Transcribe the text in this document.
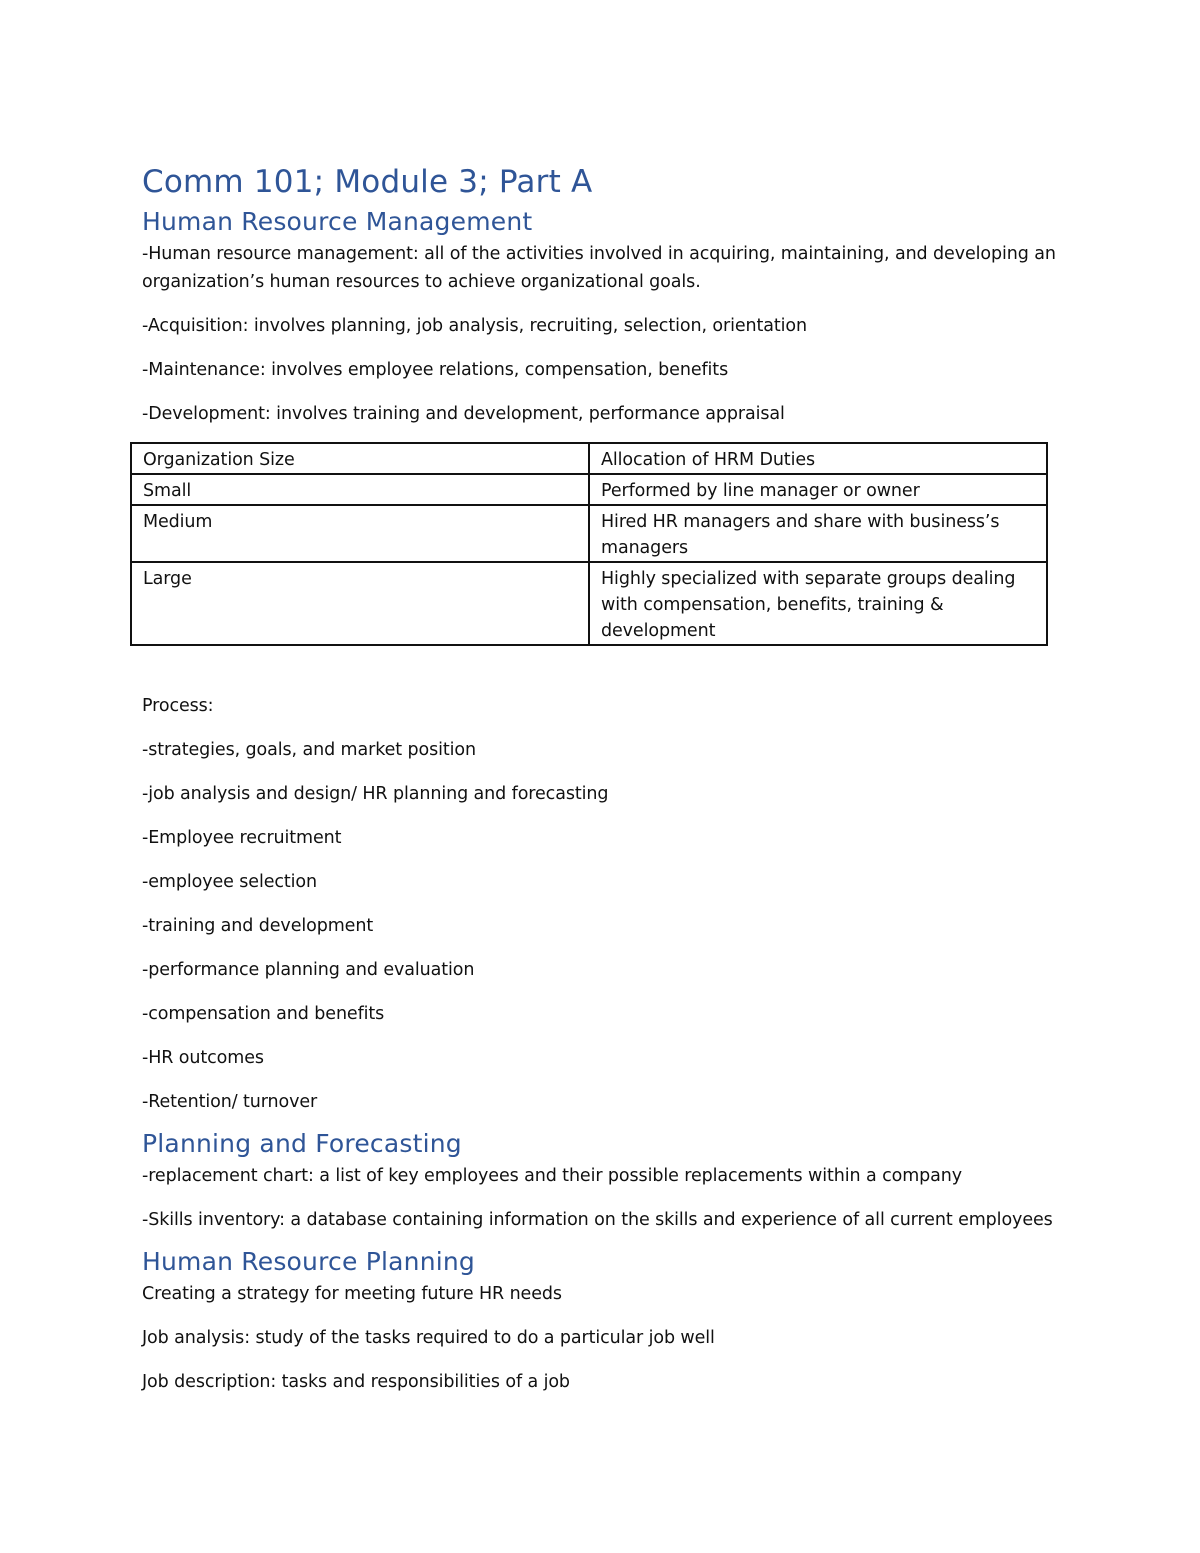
Comm 101; Module 3; Part A
Human Resource Management

-Human resource management: all of the activities involved in acquiring, maintaining, and developing an organization’s human resources to achieve organizational goals.

-Acquisition: involves planning, job analysis, recruiting, selection, orientation

-Maintenance: involves employee relations, compensation, benefits

-Development: involves training and development, performance appraisal

Organization Size	Allocation of HRM Duties
Small	Performed by line manager or owner
Medium	Hired HR managers and share with business’s managers
Large	Highly specialized with separate groups dealing with compensation, benefits, training & development

Process:

-strategies, goals, and market position

-job analysis and design/ HR planning and forecasting

-Employee recruitment

-employee selection

-training and development

-performance planning and evaluation

-compensation and benefits

-HR outcomes

-Retention/ turnover

Planning and Forecasting

-replacement chart: a list of key employees and their possible replacements within a company

-Skills inventory: a database containing information on the skills and experience of all current employees

Human Resource Planning

Creating a strategy for meeting future HR needs

Job analysis: study of the tasks required to do a particular job well

Job description: tasks and responsibilities of a job
